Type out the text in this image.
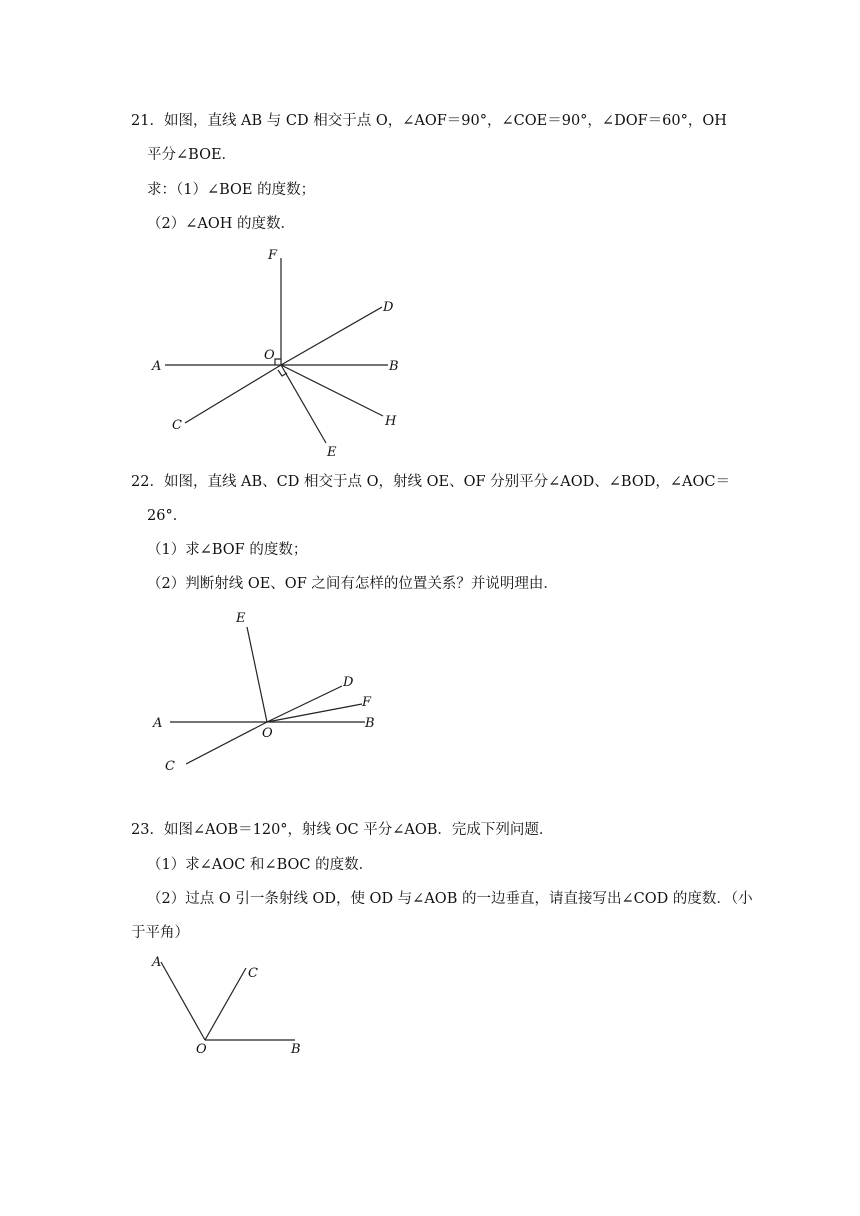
21．如图，直线 AB 与 CD 相交于点 O，∠AOF＝90°，∠COE＝90°，∠DOF＝60°，OH
平分∠BOE．
求：（1）∠BOE 的度数；
（2）∠AOH 的度数．
F
D
A
O
B
C	H
E
22．如图，直线 AB、CD 相交于点 O，射线 OE、OF 分别平分∠AOD、∠BOD，∠AOC＝
26°．
（1）求∠BOF 的度数；
（2）判断射线 OE、OF 之间有怎样的位置关系？并说明理由．
E
D
F
A	B
O
C
23．如图∠AOB＝120°，射线 OC 平分∠AOB．完成下列问题．
（1）求∠AOC 和∠BOC 的度数．
（2）过点 O 引一条射线 OD，使 OD 与∠AOB 的一边垂直，请直接写出∠COD 的度数．（小
于平角）
A
C
O	B
